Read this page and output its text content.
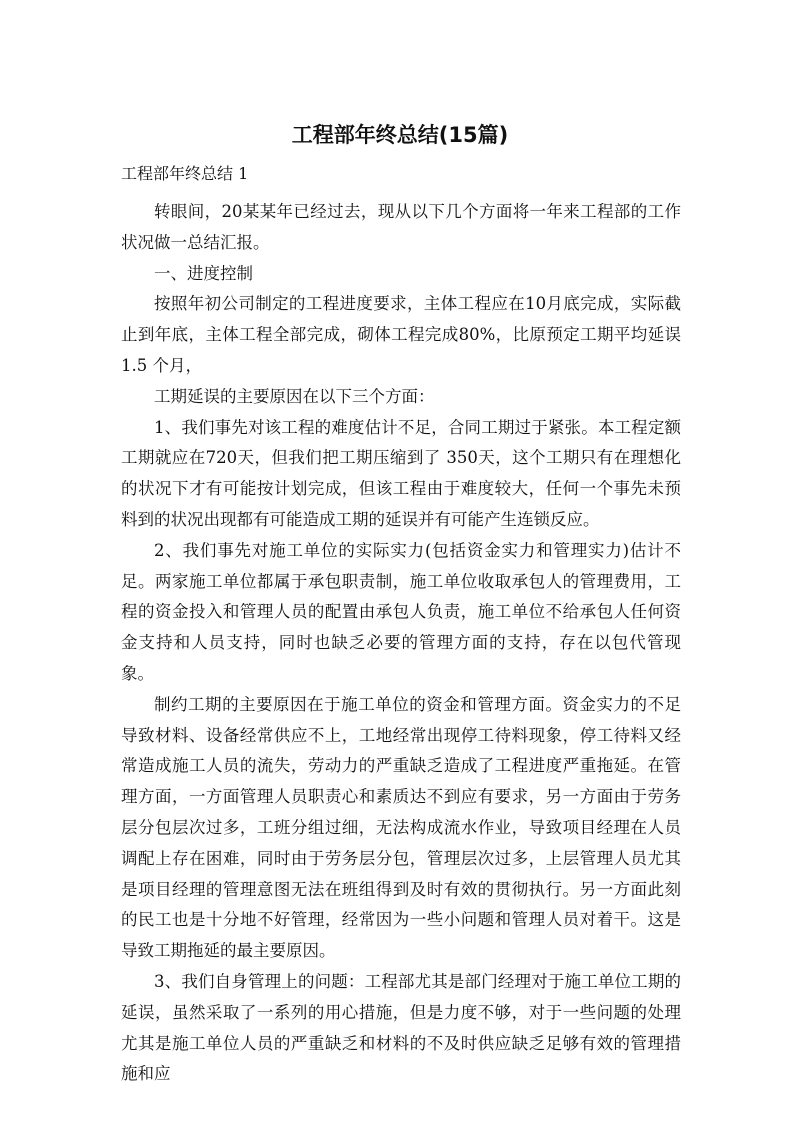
工程部年终总结(15篇)
工程部年终总结 1

转眼间，20某某年已经过去，现从以下几个方面将一年来工程部的工作状况做一总结汇报。

一、进度控制

按照年初公司制定的工程进度要求，主体工程应在10月底完成，实际截止到年底，主体工程全部完成，砌体工程完成80%，比原预定工期平均延误 1.5 个月，

工期延误的主要原因在以下三个方面：

1、我们事先对该工程的难度估计不足，合同工期过于紧张。本工程定额工期就应在720天，但我们把工期压缩到了 350天，这个工期只有在理想化的状况下才有可能按计划完成，但该工程由于难度较大，任何一个事先未预料到的状况出现都有可能造成工期的延误并有可能产生连锁反应。

2、我们事先对施工单位的实际实力(包括资金实力和管理实力)估计不足。两家施工单位都属于承包职责制，施工单位收取承包人的管理费用，工程的资金投入和管理人员的配置由承包人负责，施工单位不给承包人任何资金支持和人员支持，同时也缺乏必要的管理方面的支持，存在以包代管现象。

制约工期的主要原因在于施工单位的资金和管理方面。资金实力的不足导致材料、设备经常供应不上，工地经常出现停工待料现象，停工待料又经常造成施工人员的流失，劳动力的严重缺乏造成了工程进度严重拖延。在管理方面，一方面管理人员职责心和素质达不到应有要求，另一方面由于劳务层分包层次过多，工班分组过细，无法构成流水作业，导致项目经理在人员调配上存在困难，同时由于劳务层分包，管理层次过多，上层管理人员尤其是项目经理的管理意图无法在班组得到及时有效的贯彻执行。另一方面此刻的民工也是十分地不好管理，经常因为一些小问题和管理人员对着干。这是导致工期拖延的最主要原因。

3、我们自身管理上的问题：工程部尤其是部门经理对于施工单位工期的延误，虽然采取了一系列的用心措施，但是力度不够，对于一些问题的处理尤其是施工单位人员的严重缺乏和材料的不及时供应缺乏足够有效的管理措施和应
